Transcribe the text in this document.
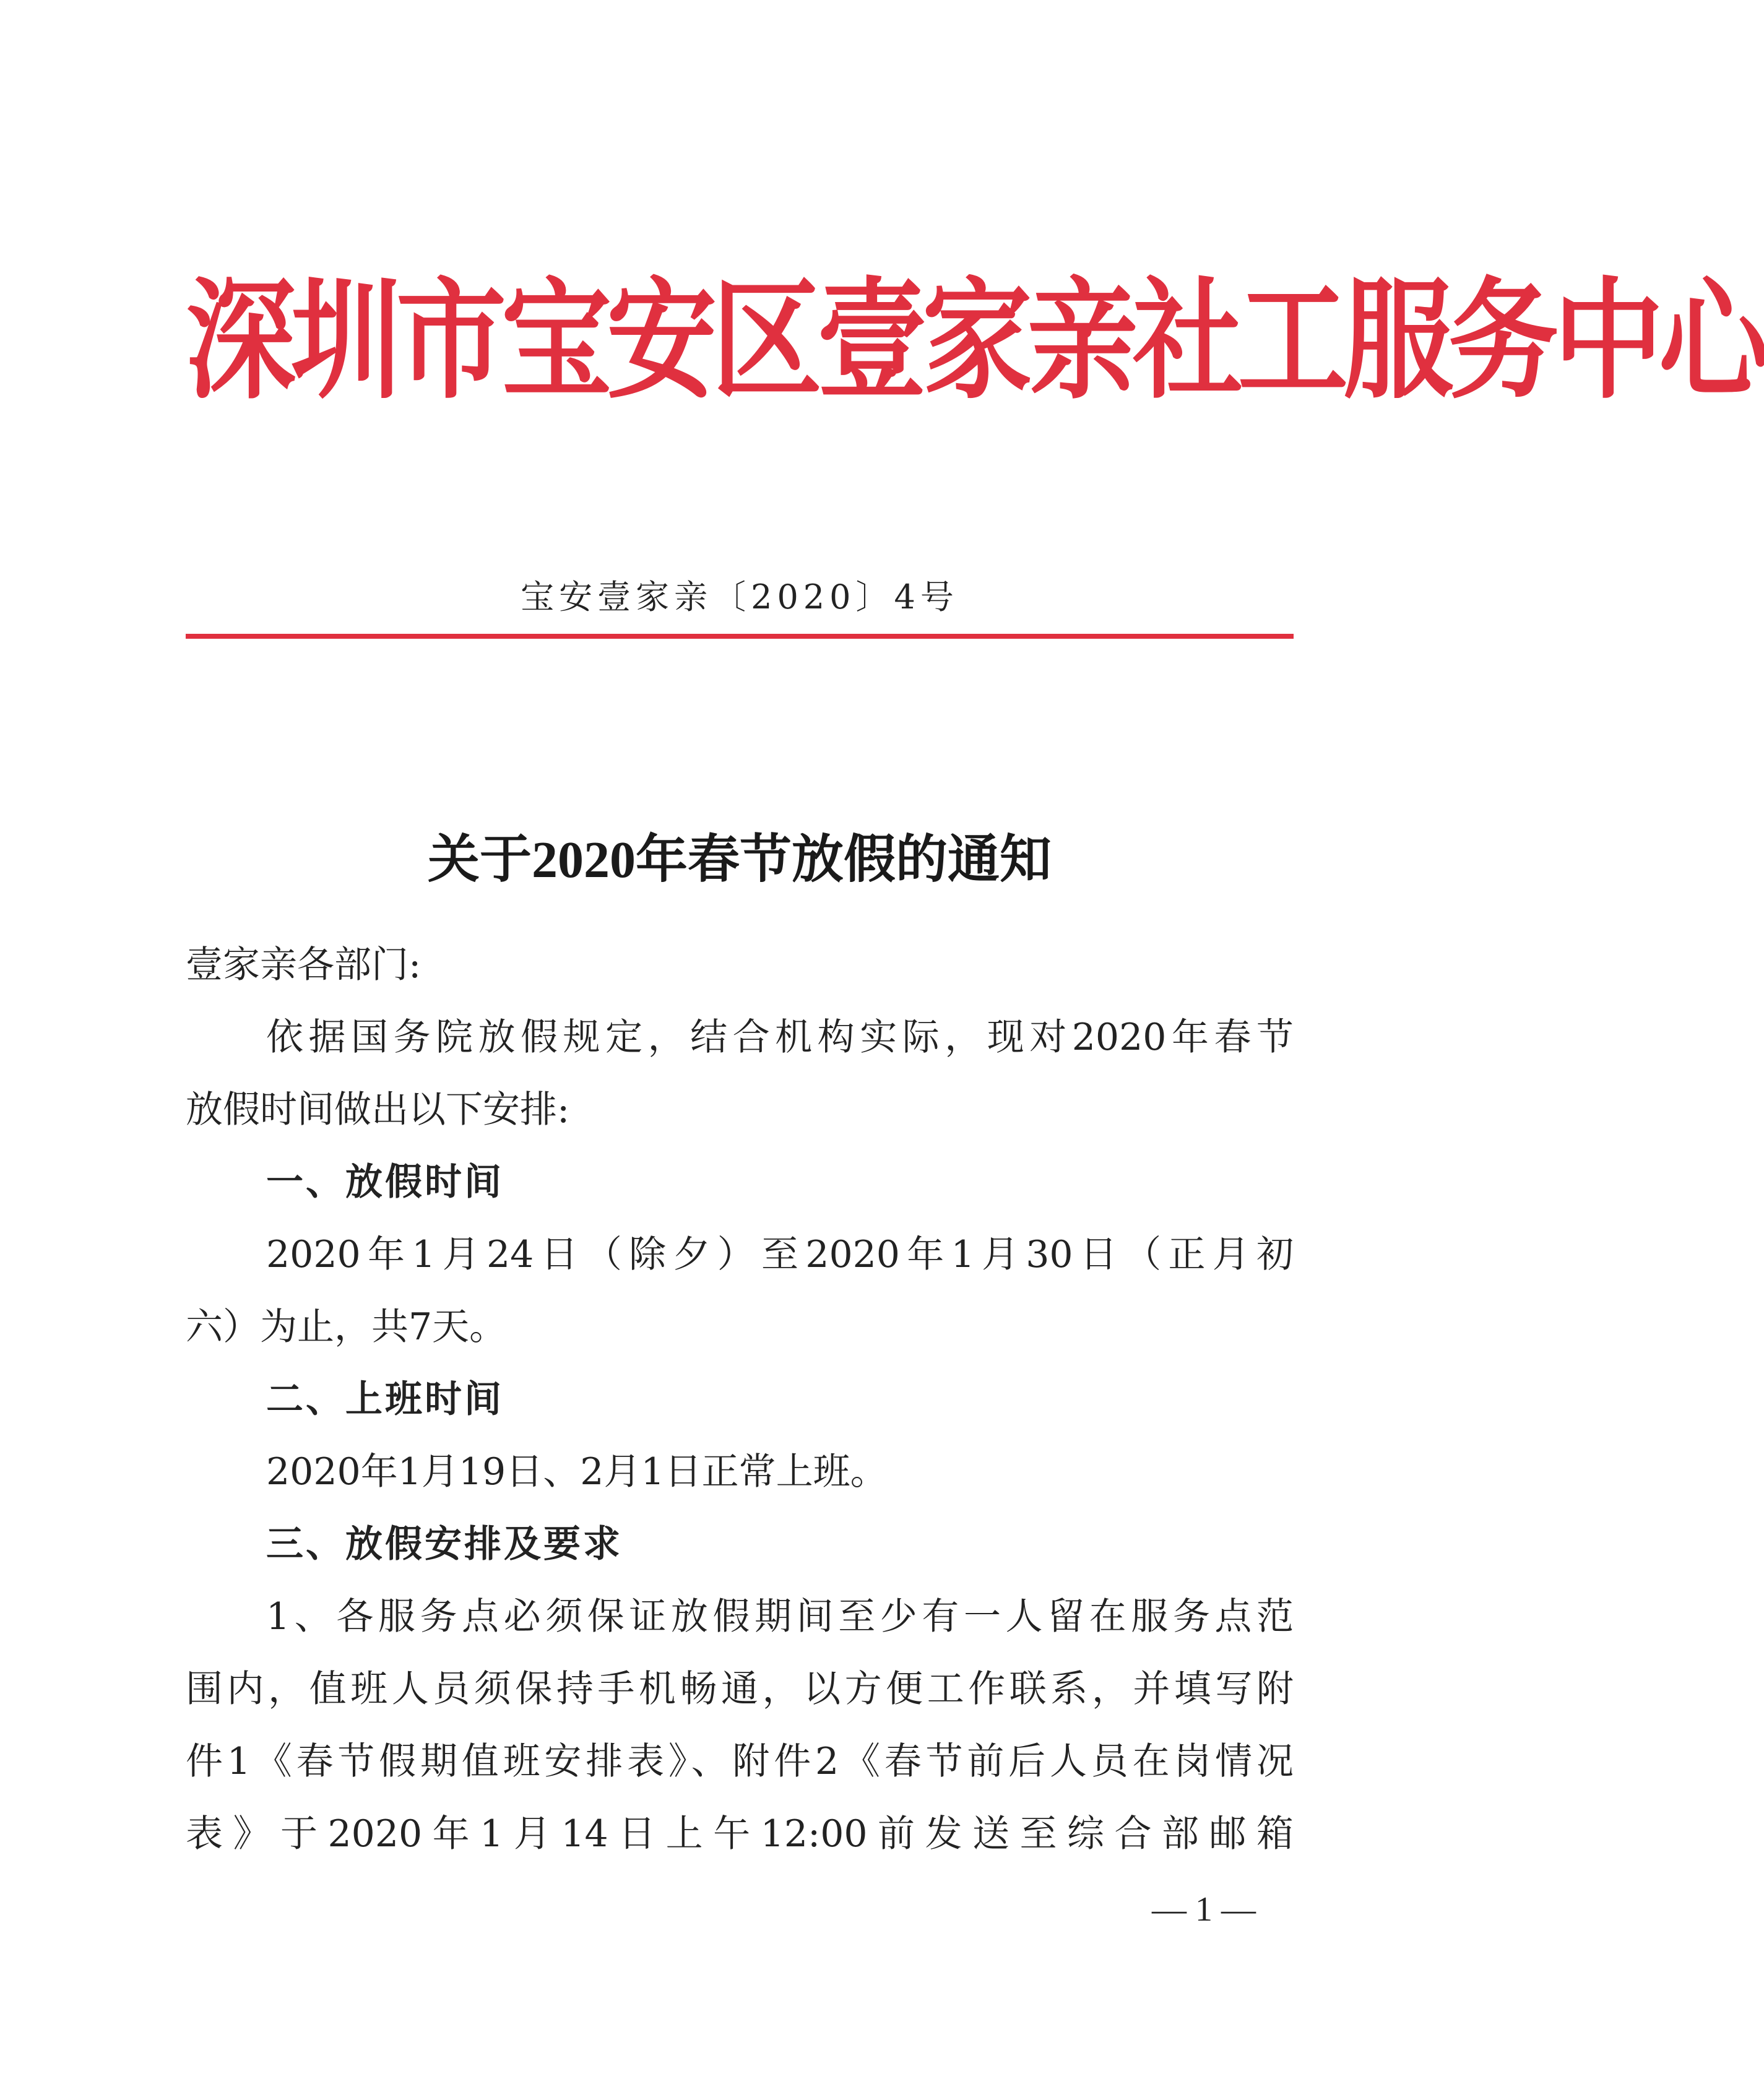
深圳市宝安区壹家亲社工服务中心
宝安壹家亲〔2020〕4号
关于2020年春节放假的通知
壹家亲各部门:
依据国务院放假规定，结合机构实际，现对2020年春节
放假时间做出以下安排:
一、放假时间
2020年1月24日（除夕）至2020年1月30日（正月初
六）为止，共7天。
二、上班时间
2020年1月19日、2月1日正常上班。
三、放假安排及要求
1、各服务点必须保证放假期间至少有一人留在服务点范
围内，值班人员须保持手机畅通，以方便工作联系，并填写附
件1《春节假期值班安排表》、附件2《春节前后人员在岗情况
表》于2020年1月14日上午12:00前发送至综合部邮箱
— 1 —
